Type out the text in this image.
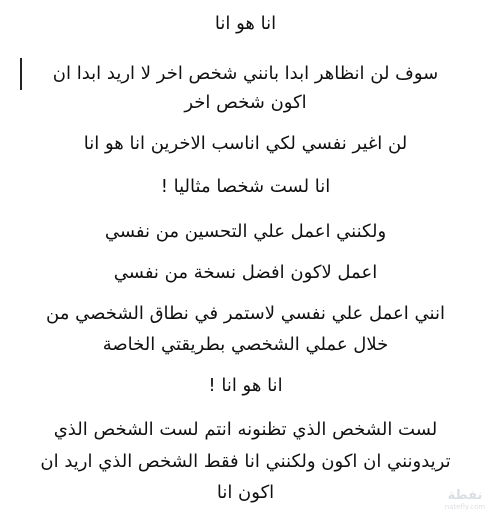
انا هو انا

سوف لن انظاهر ابدا بانني شخص اخر لا اريد ابدا ان

اكون شخص اخر

لن اغير نفسي لكي اناسب الاخرين انا هو انا

انا لست شخصا مثاليا !

ولكنني اعمل علي التحسين من نفسي

اعمل لاكون افضل نسخة من نفسي

انني اعمل علي نفسي لاستمر في نطاق الشخصي من

خلال عملي الشخصي بطريقتي الخاصة

انا هو انا !

لست الشخص الذي تظنونه انتم لست الشخص الذي

تريدونني ان اكون ولكنني انا فقط الشخص الذي اريد ان

اكون انا	نفطة
natefly.com
